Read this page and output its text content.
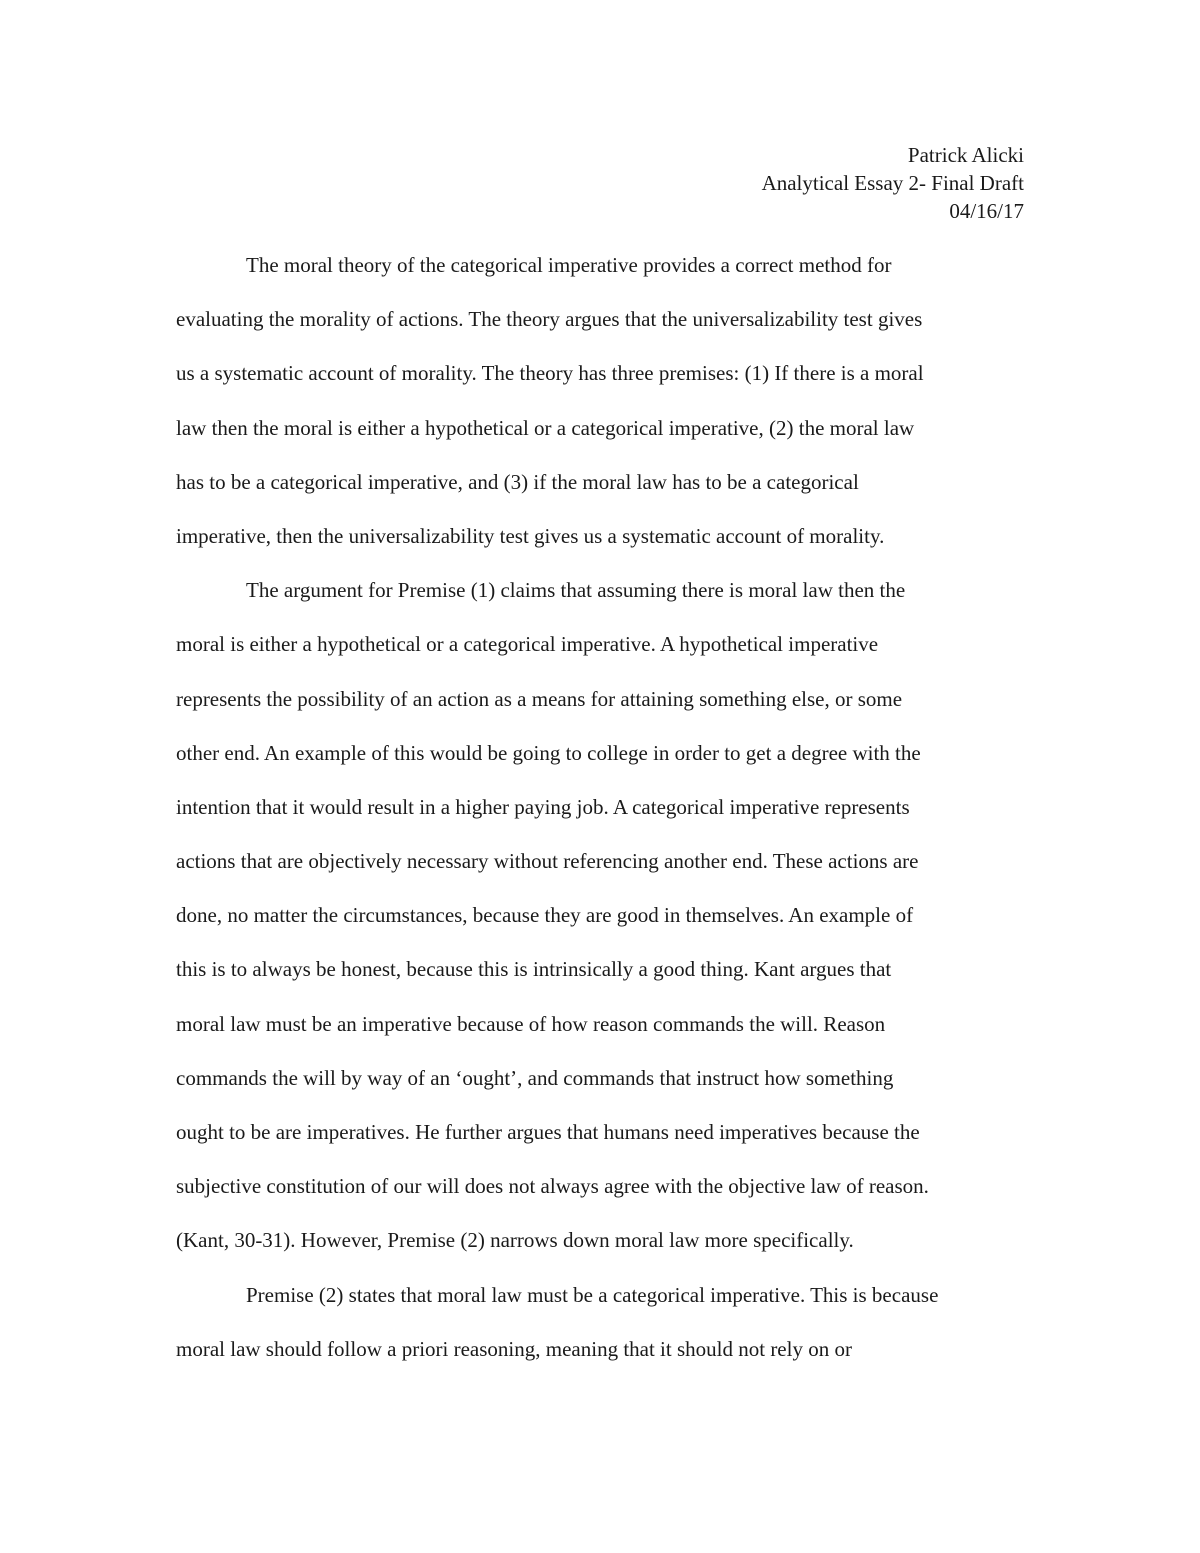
Patrick Alicki
Analytical Essay 2- Final Draft
04/16/17
The moral theory of the categorical imperative provides a correct method for
evaluating the morality of actions. The theory argues that the universalizability test gives
us a systematic account of morality. The theory has three premises: (1) If there is a moral
law then the moral is either a hypothetical or a categorical imperative, (2) the moral law
has to be a categorical imperative, and (3) if the moral law has to be a categorical
imperative, then the universalizability test gives us a systematic account of morality.
The argument for Premise (1) claims that assuming there is moral law then the
moral is either a hypothetical or a categorical imperative. A hypothetical imperative
represents the possibility of an action as a means for attaining something else, or some
other end. An example of this would be going to college in order to get a degree with the
intention that it would result in a higher paying job. A categorical imperative represents
actions that are objectively necessary without referencing another end. These actions are
done, no matter the circumstances, because they are good in themselves. An example of
this is to always be honest, because this is intrinsically a good thing. Kant argues that
moral law must be an imperative because of how reason commands the will. Reason
commands the will by way of an ‘ought’, and commands that instruct how something
ought to be are imperatives. He further argues that humans need imperatives because the
subjective constitution of our will does not always agree with the objective law of reason.
(Kant, 30-31). However, Premise (2) narrows down moral law more specifically.
Premise (2) states that moral law must be a categorical imperative. This is because
moral law should follow a priori reasoning, meaning that it should not rely on or
